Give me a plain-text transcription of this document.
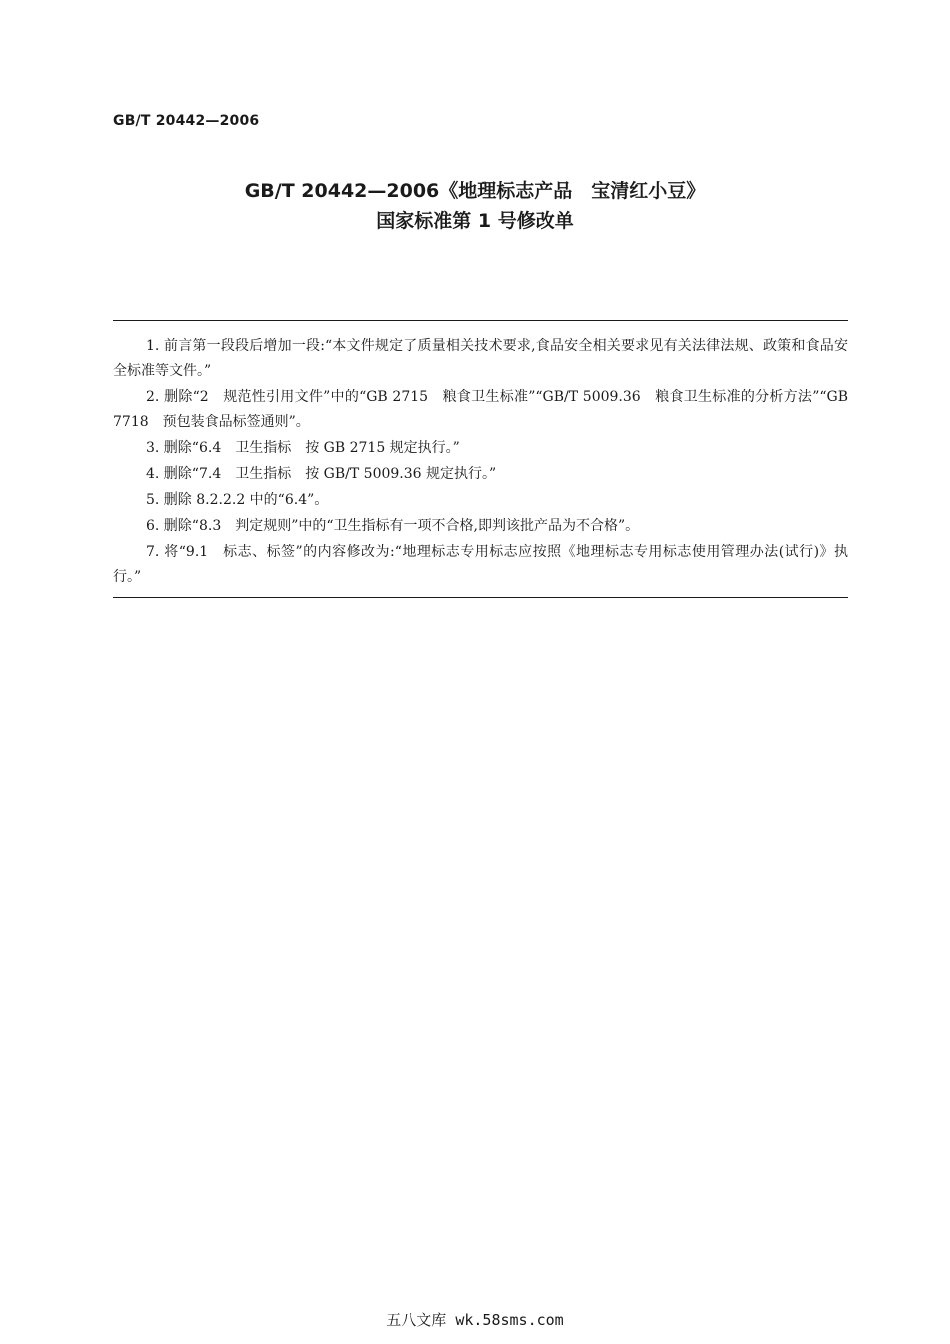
GB/T 20442—2006
GB/T 20442—2006《地理标志产品　宝清红小豆》
国家标准第 1 号修改单
1. 前言第一段段后增加一段:“本文件规定了质量相关技术要求,食品安全相关要求见有关法律法规、政策和食品安全标准等文件。”
2. 删除“2　规范性引用文件”中的“GB 2715　粮食卫生标准”“GB/T 5009.36　粮食卫生标准的分析方法”“GB 7718　预包装食品标签通则”。
3. 删除“6.4　卫生指标　按 GB 2715 规定执行。”
4. 删除“7.4　卫生指标　按 GB/T 5009.36 规定执行。”
5. 删除 8.2.2.2 中的“6.4”。
6. 删除“8.3　判定规则”中的“卫生指标有一项不合格,即判该批产品为不合格”。
7. 将“9.1　标志、标签”的内容修改为:“地理标志专用标志应按照《地理标志专用标志使用管理办法(试行)》执行。”
五八文库 wk.58sms.com
